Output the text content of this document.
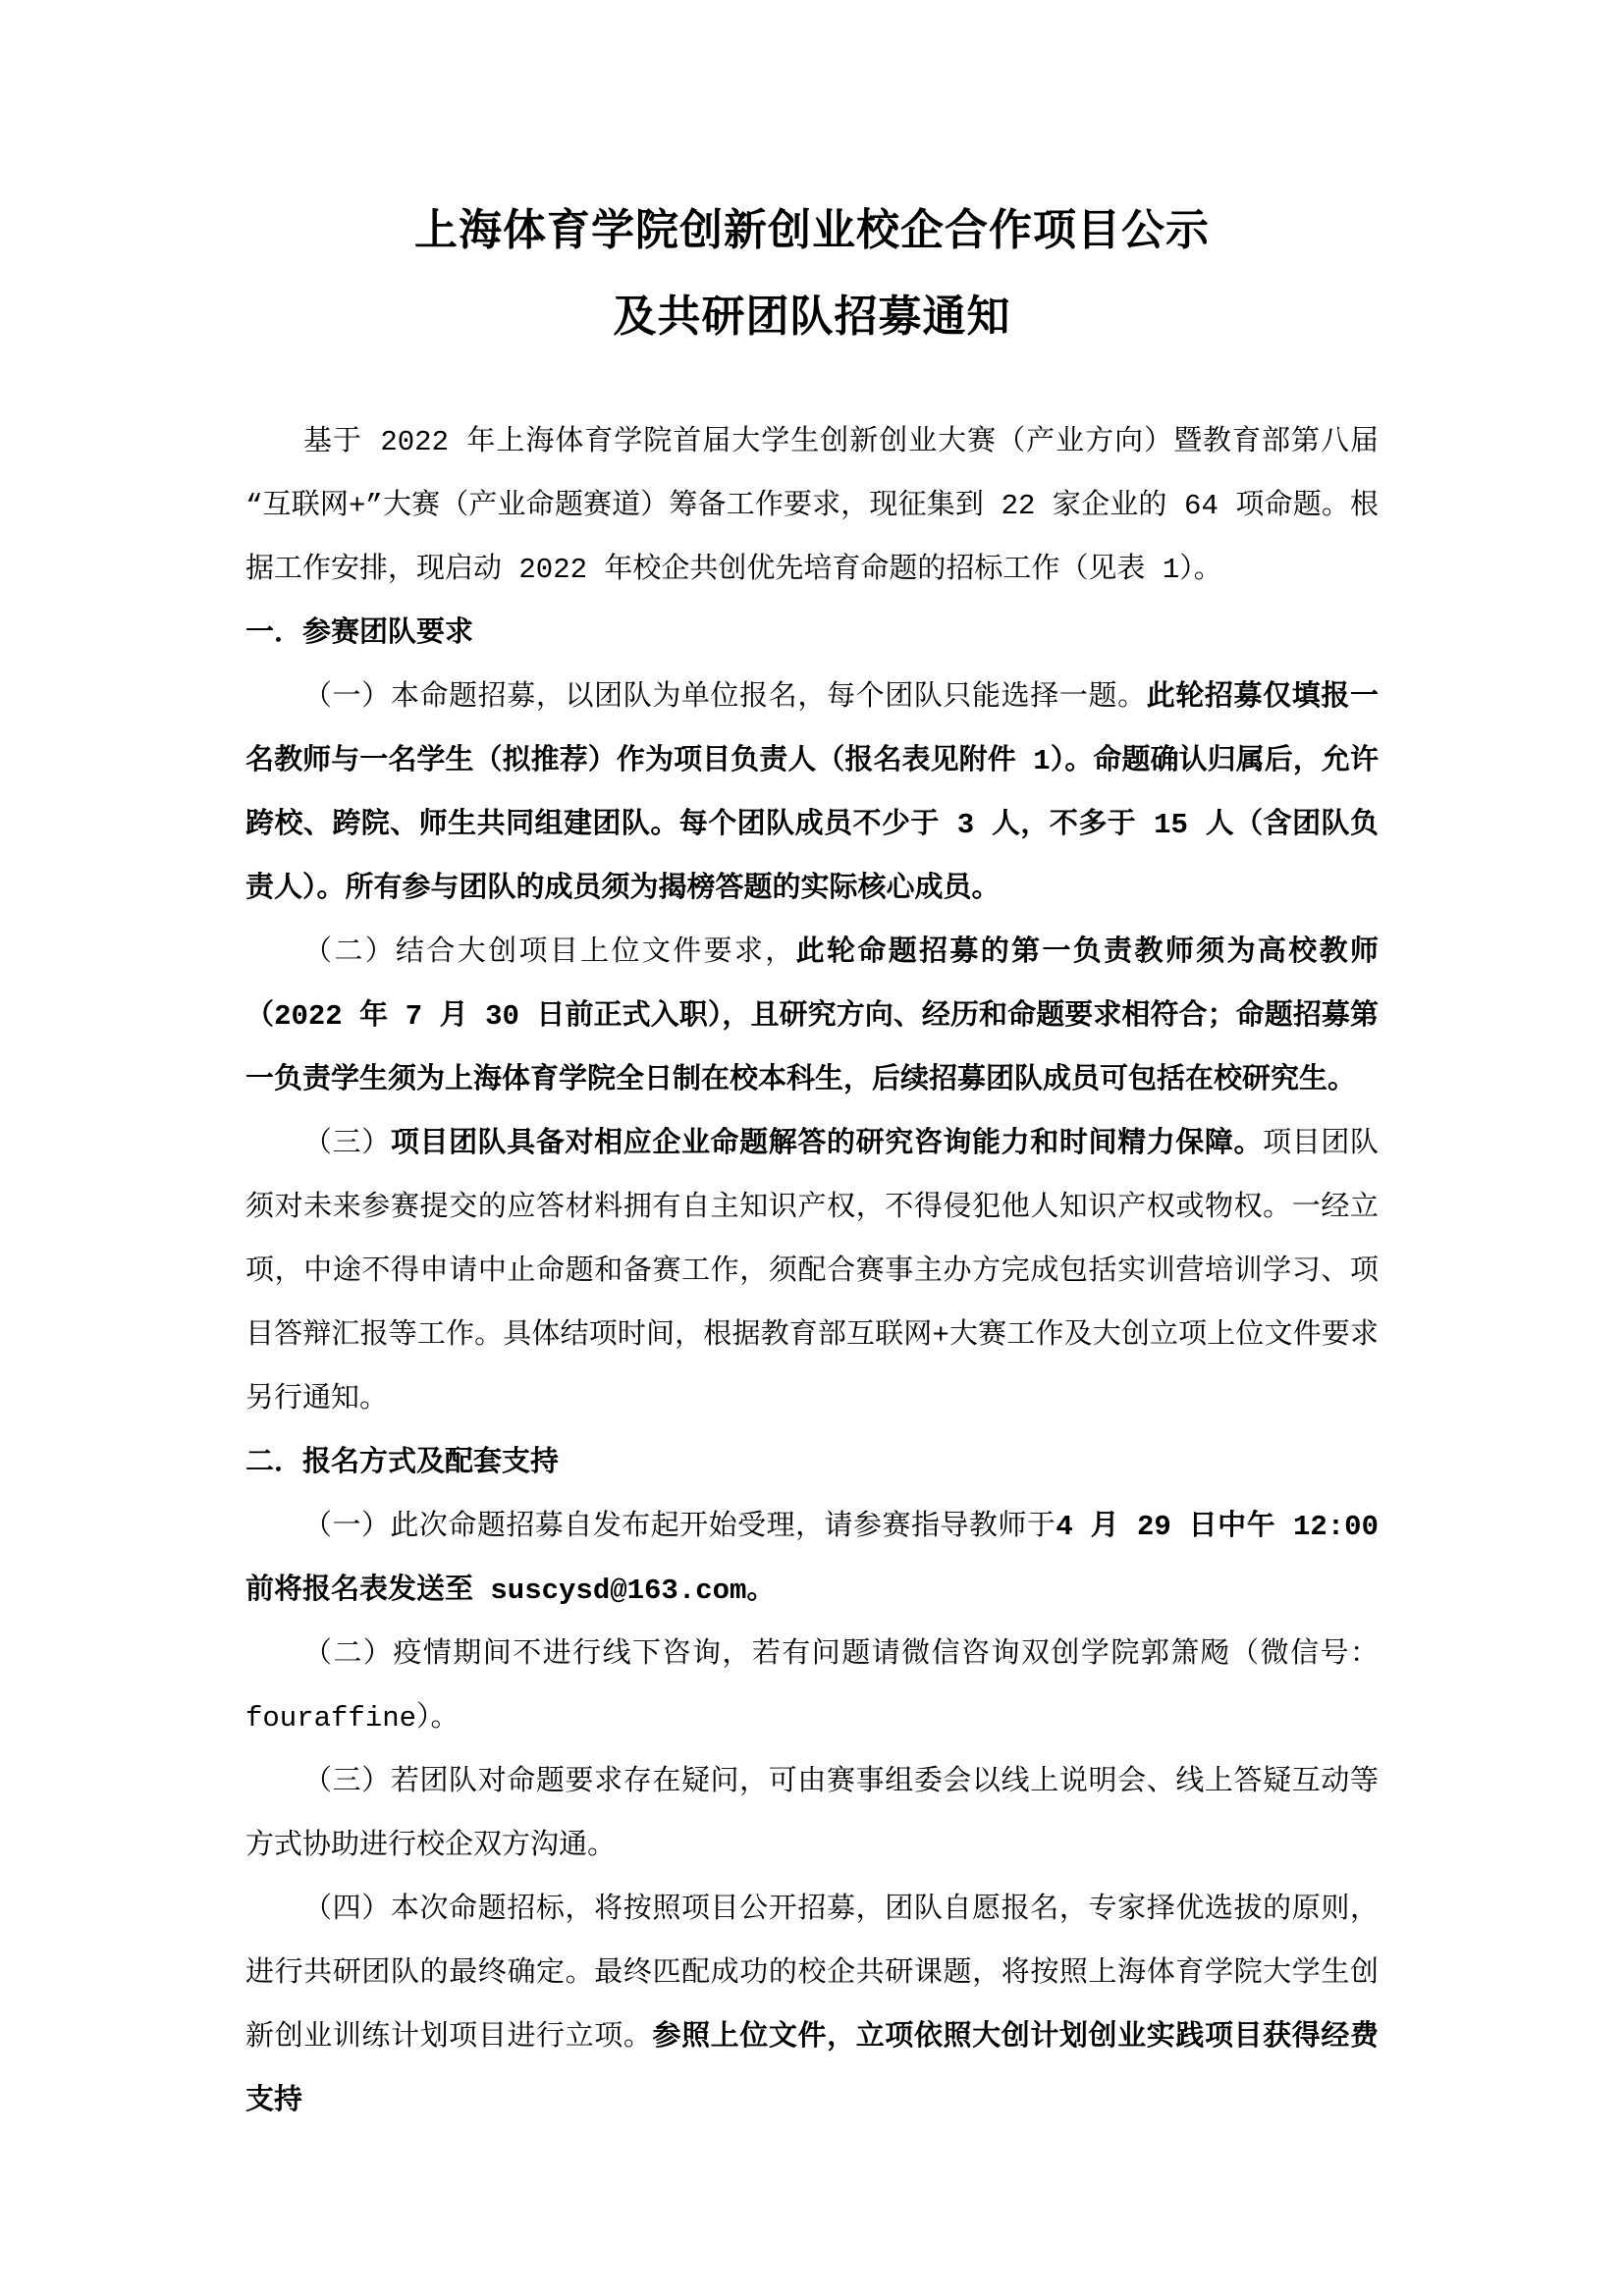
上海体育学院创新创业校企合作项目公示
及共研团队招募通知

基于 2022 年上海体育学院首届大学生创新创业大赛（产业方向）暨教育部第八届“互联网+”大赛（产业命题赛道）筹备工作要求，现征集到 22 家企业的 64 项命题。根据工作安排，现启动 2022 年校企共创优先培育命题的招标工作（见表 1）。

一．参赛团队要求

（一）本命题招募，以团队为单位报名，每个团队只能选择一题。此轮招募仅填报一名教师与一名学生（拟推荐）作为项目负责人（报名表见附件 1）。命题确认归属后，允许跨校、跨院、师生共同组建团队。每个团队成员不少于 3 人，不多于 15 人（含团队负责人）。所有参与团队的成员须为揭榜答题的实际核心成员。

（二）结合大创项目上位文件要求，此轮命题招募的第一负责教师须为高校教师（2022 年 7 月 30 日前正式入职），且研究方向、经历和命题要求相符合；命题招募第一负责学生须为上海体育学院全日制在校本科生，后续招募团队成员可包括在校研究生。

（三）项目团队具备对相应企业命题解答的研究咨询能力和时间精力保障。项目团队须对未来参赛提交的应答材料拥有自主知识产权，不得侵犯他人知识产权或物权。一经立项，中途不得申请中止命题和备赛工作，须配合赛事主办方完成包括实训营培训学习、项目答辩汇报等工作。具体结项时间，根据教育部互联网+大赛工作及大创立项上位文件要求另行通知。

二．报名方式及配套支持

（一）此次命题招募自发布起开始受理，请参赛指导教师于4 月 29 日中午 12:00 前将报名表发送至 suscysd@163.com。

（二）疫情期间不进行线下咨询，若有问题请微信咨询双创学院郭箫飏（微信号：fouraffine）。

（三）若团队对命题要求存在疑问，可由赛事组委会以线上说明会、线上答疑互动等方式协助进行校企双方沟通。

（四）本次命题招标，将按照项目公开招募，团队自愿报名，专家择优选拔的原则，进行共研团队的最终确定。最终匹配成功的校企共研课题，将按照上海体育学院大学生创新创业训练计划项目进行立项。参照上位文件，立项依照大创计划创业实践项目获得经费支持
